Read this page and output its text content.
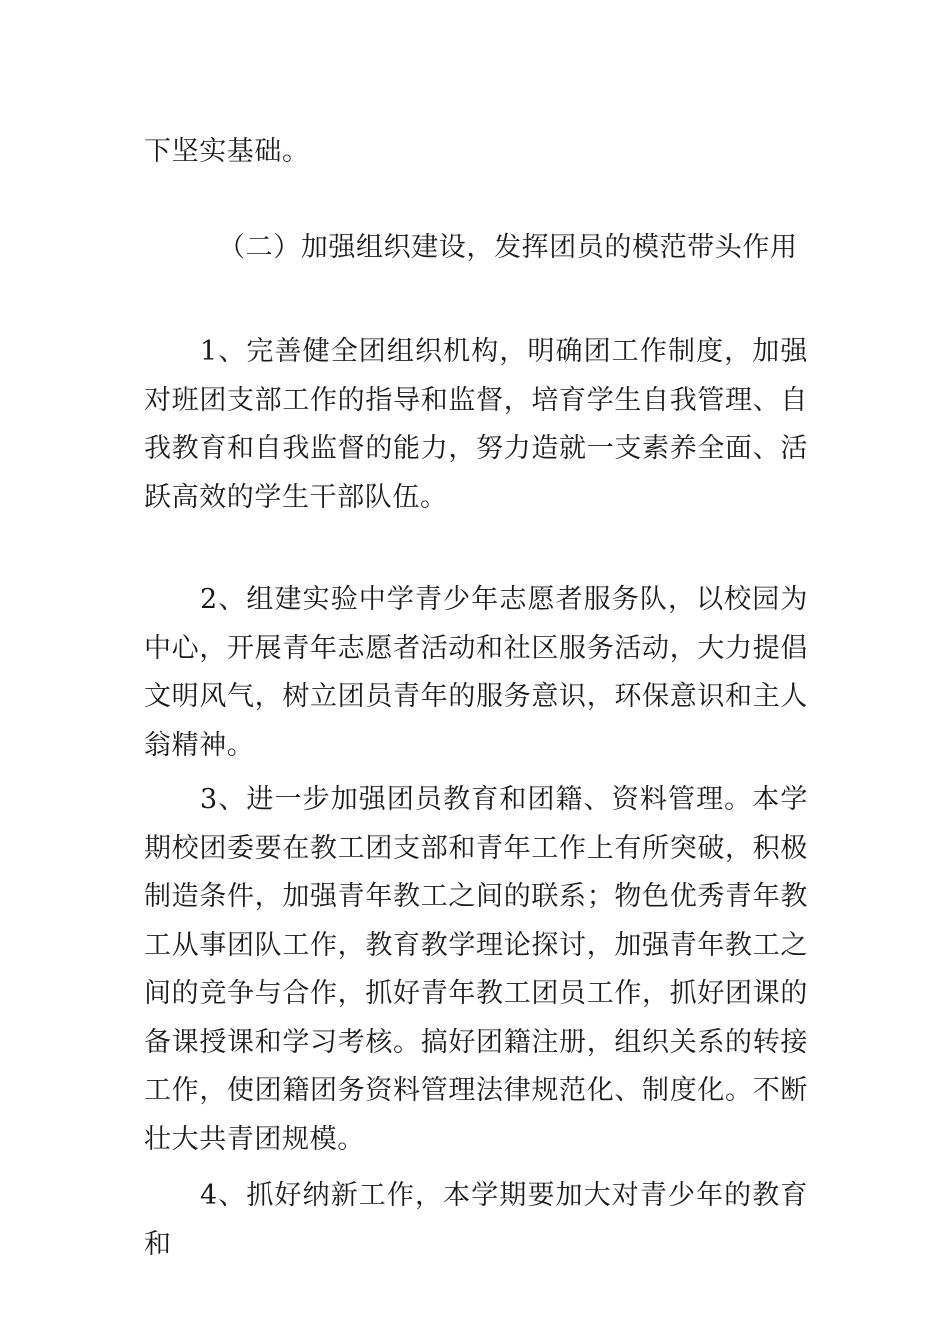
下坚实基础。

（二）加强组织建设，发挥团员的模范带头作用

1、完善健全团组织机构，明确团工作制度，加强对班团支部工作的指导和监督，培育学生自我管理、自我教育和自我监督的能力，努力造就一支素养全面、活跃高效的学生干部队伍。

2、组建实验中学青少年志愿者服务队，以校园为中心，开展青年志愿者活动和社区服务活动，大力提倡文明风气，树立团员青年的服务意识，环保意识和主人翁精神。

3、进一步加强团员教育和团籍、资料管理。本学期校团委要在教工团支部和青年工作上有所突破，积极制造条件，加强青年教工之间的联系；物色优秀青年教工从事团队工作，教育教学理论探讨，加强青年教工之间的竞争与合作，抓好青年教工团员工作，抓好团课的备课授课和学习考核。搞好团籍注册，组织关系的转接工作，使团籍团务资料管理法律规范化、制度化。不断壮大共青团规模。

4、抓好纳新工作，本学期要加大对青少年的教育和
